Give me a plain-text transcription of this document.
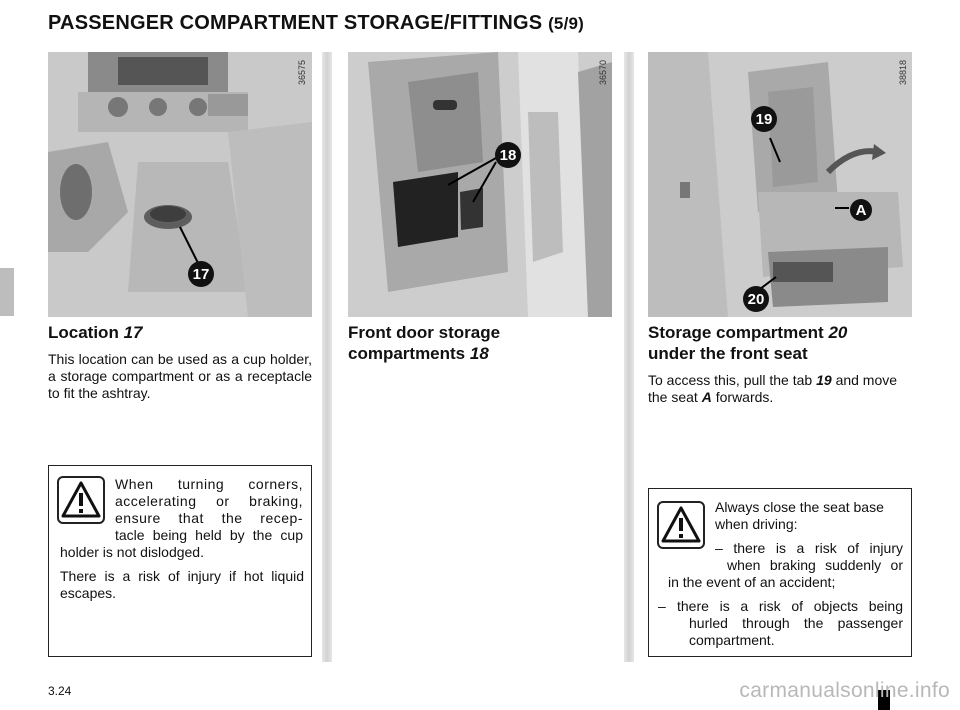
PASSENGER COMPARTMENT STORAGE/FITTINGS (5/9)
17
36575
18
36570
19
A
20
38818
Location 17
This location can be used as a cup holder, a storage compartment or as a receptacle to fit the ashtray.
Front door storage
compartments 18
Storage compartment 20
under the front seat
To access this, pull the tab 19 and move
the seat A forwards.
When turning corners,
accelerating or braking,
ensure that the recep-
tacle being held by the cup
holder is not dislodged.
There is a risk of injury if hot liquid escapes.
Always close the seat base
when driving:
– there is a risk of injury
when braking suddenly or
in the event of an accident;
– there is a risk of objects being
hurled through the passenger
compartment.
3.24	carmanualsonline.info
